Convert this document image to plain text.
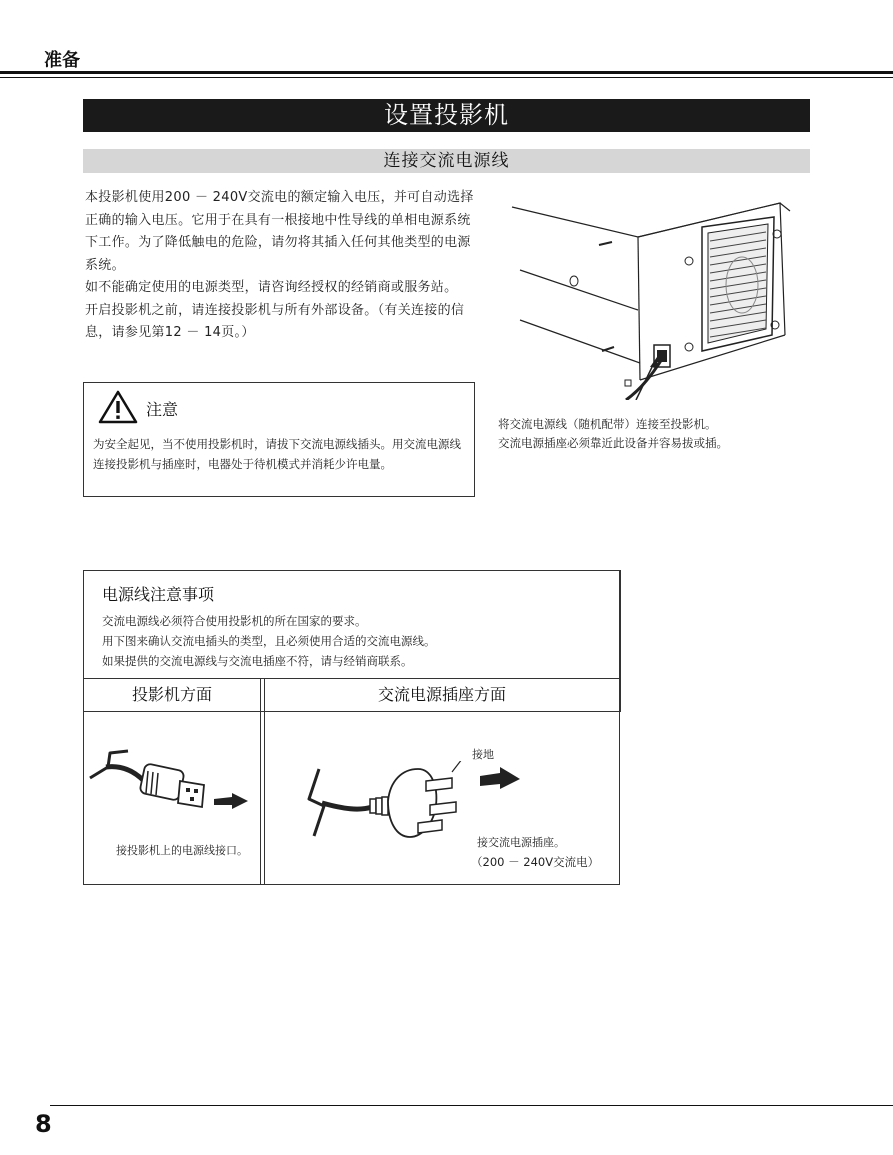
准备
设置投影机
连接交流电源线

本投影机使用200 － 240V交流电的额定输入电压，并可自动选择正确的输入电压。它用于在具有一根接地中性导线的单相电源系统下工作。为了降低触电的危险，请勿将其插入任何其他类型的电源系统。

如不能确定使用的电源类型，请咨询经授权的经销商或服务站。

开启投影机之前，请连接投影机与所有外部设备。（有关连接的信息，请参见第12 － 14页。）

注意
为安全起见，当不使用投影机时，请拔下交流电源线插头。用交流电源线连接投影机与插座时，电器处于待机模式并消耗少许电量。
将交流电源线（随机配带）连接至投影机。
交流电源插座必须靠近此设备并容易拔或插。
电源线注意事项
交流电源线必须符合使用投影机的所在国家的要求。
用下图来确认交流电插头的类型，且必须使用合适的交流电源线。
如果提供的交流电源线与交流电插座不符，请与经销商联系。
投影机方面	交流电源插座方面
接投影机上的电源线接口。
接地
接交流电源插座。
（200 － 240V交流电）
8
